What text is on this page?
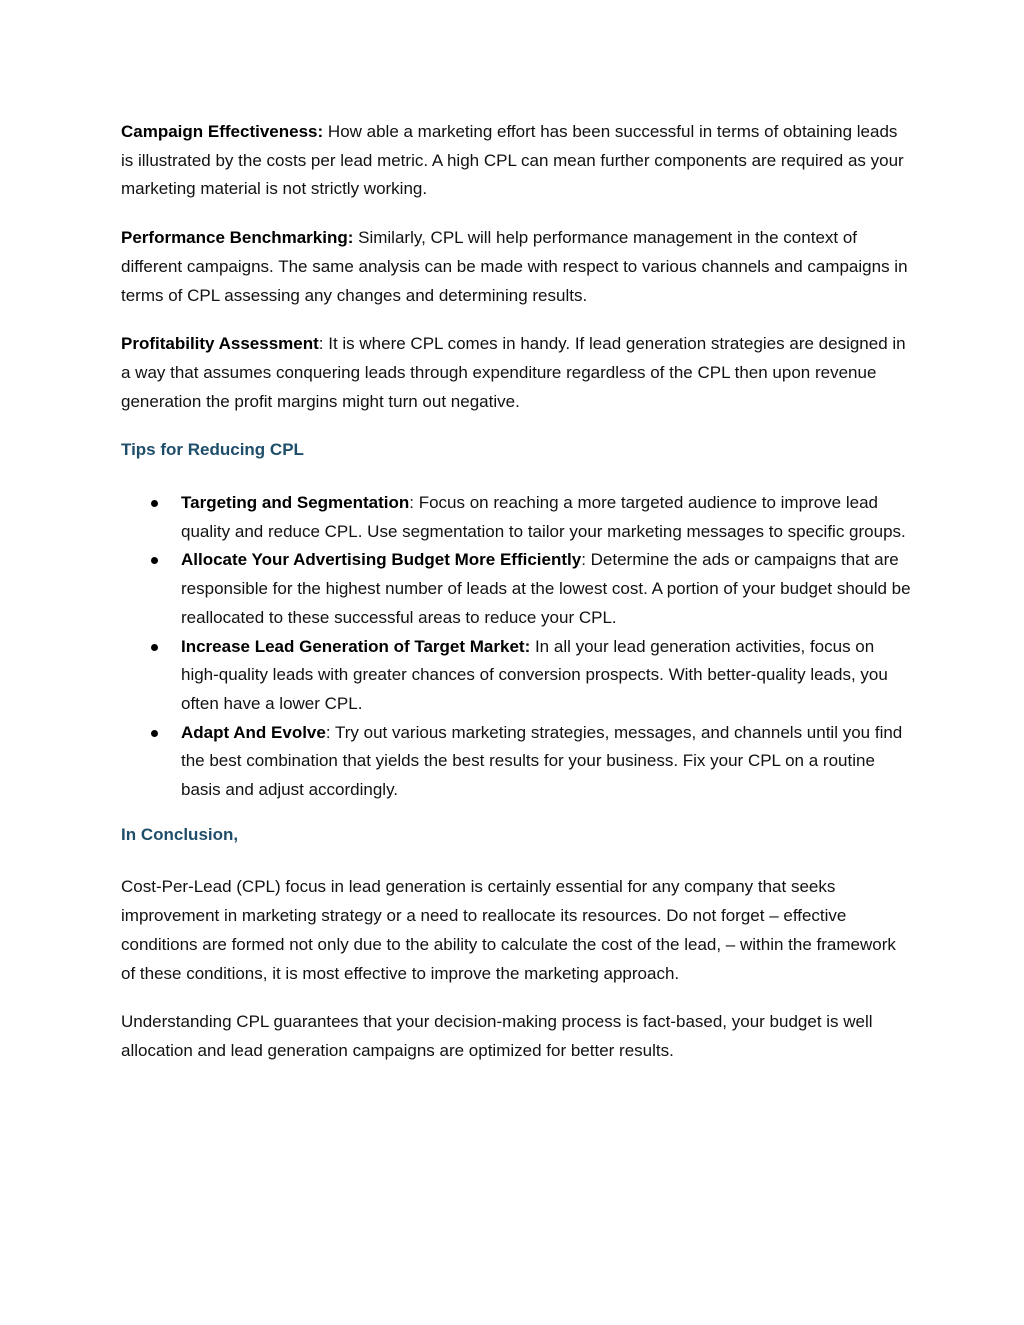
Campaign Effectiveness: How able a marketing effort has been successful in terms of obtaining leads is illustrated by the costs per lead metric. A high CPL can mean further components are required as your marketing material is not strictly working.

Performance Benchmarking: Similarly, CPL will help performance management in the context of different campaigns. The same analysis can be made with respect to various channels and campaigns in terms of CPL assessing any changes and determining results.

Profitability Assessment: It is where CPL comes in handy. If lead generation strategies are designed in a way that assumes conquering leads through expenditure regardless of the CPL then upon revenue generation the profit margins might turn out negative.

Tips for Reducing CPL

Targeting and Segmentation: Focus on reaching a more targeted audience to improve lead quality and reduce CPL. Use segmentation to tailor your marketing messages to specific groups.
Allocate Your Advertising Budget More Efficiently: Determine the ads or campaigns that are responsible for the highest number of leads at the lowest cost. A portion of your budget should be reallocated to these successful areas to reduce your CPL.
Increase Lead Generation of Target Market: In all your lead generation activities, focus on high-quality leads with greater chances of conversion prospects. With better-quality leads, you often have a lower CPL.
Adapt And Evolve: Try out various marketing strategies, messages, and channels until you find the best combination that yields the best results for your business. Fix your CPL on a routine basis and adjust accordingly.

In Conclusion,

Cost-Per-Lead (CPL) focus in lead generation is certainly essential for any company that seeks improvement in marketing strategy or a need to reallocate its resources. Do not forget – effective conditions are formed not only due to the ability to calculate the cost of the lead, – within the framework of these conditions, it is most effective to improve the marketing approach.

Understanding CPL guarantees that your decision-making process is fact-based, your budget is well allocation and lead generation campaigns are optimized for better results.
